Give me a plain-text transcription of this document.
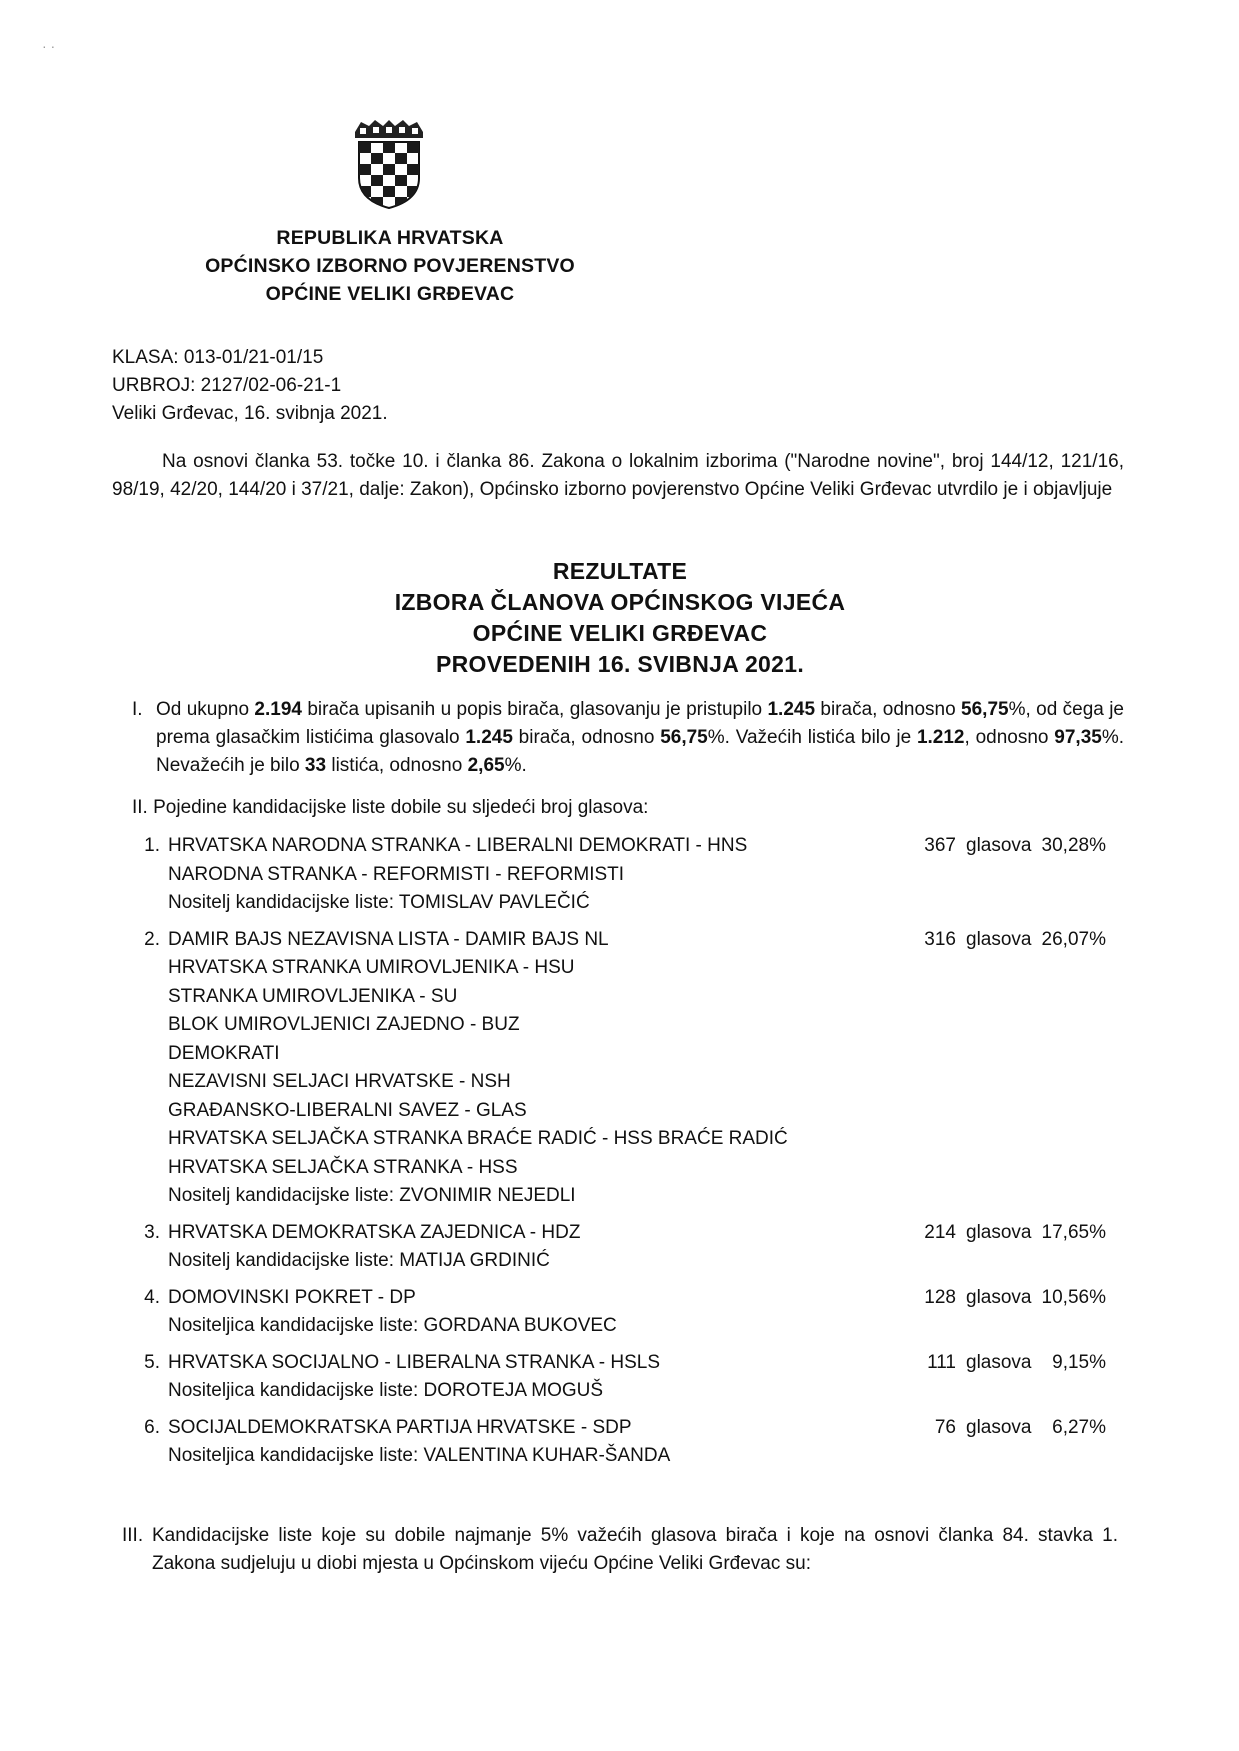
REPUBLIKA HRVATSKA
OPĆINSKO IZBORNO POVJERENSTVO
OPĆINE VELIKI GRĐEVAC
KLASA: 013-01/21-01/15
URBROJ: 2127/02-06-21-1
Veliki Grđevac, 16. svibnja 2021.
Na osnovi članka 53. točke 10. i članka 86. Zakona o lokalnim izborima ("Narodne novine", broj 144/12, 121/16, 98/19, 42/20, 144/20 i 37/21, dalje: Zakon), Općinsko izborno povjerenstvo Općine Veliki Grđevac utvrdilo je i objavljuje
REZULTATE
IZBORA ČLANOVA OPĆINSKOG VIJEĆA
OPĆINE VELIKI GRĐEVAC
PROVEDENIH 16. SVIBNJA 2021.
I. Od ukupno 2.194 birača upisanih u popis birača, glasovanju je pristupilo 1.245 birača, odnosno 56,75%, od čega je prema glasačkim listićima glasovalo 1.245 birača, odnosno 56,75%. Važećih listića bilo je 1.212, odnosno 97,35%. Nevažećih je bilo 33 listića, odnosno 2,65%.
II. Pojedine kandidacijske liste dobile su sljedeći broj glasova:
1. HRVATSKA NARODNA STRANKA - LIBERALNI DEMOKRATI - HNS
NARODNA STRANKA - REFORMISTI - REFORMISTI
Nositelj kandidacijske liste: TOMISLAV PAVLEČIĆ
367 glasova 30,28%
2. DAMIR BAJS NEZAVISNA LISTA - DAMIR BAJS NL
HRVATSKA STRANKA UMIROVLJENIKA - HSU
STRANKA UMIROVLJENIKA - SU
BLOK UMIROVLJENICI ZAJEDNO - BUZ
DEMOKRATI
NEZAVISNI SELJACI HRVATSKE - NSH
GRAĐANSKO-LIBERALNI SAVEZ - GLAS
HRVATSKA SELJAČKA STRANKA BRAĆE RADIĆ - HSS BRAĆE RADIĆ
HRVATSKA SELJAČKA STRANKA - HSS
Nositelj kandidacijske liste: ZVONIMIR NEJEDLI
316 glasova 26,07%
3. HRVATSKA DEMOKRATSKA ZAJEDNICA - HDZ
Nositelj kandidacijske liste: MATIJA GRDINIĆ
214 glasova 17,65%
4. DOMOVINSKI POKRET - DP
Nositeljica kandidacijske liste: GORDANA BUKOVEC
128 glasova 10,56%
5. HRVATSKA SOCIJALNO - LIBERALNA STRANKA - HSLS
Nositeljica kandidacijske liste: DOROTEJA MOGUŠ
111 glasova 9,15%
6. SOCIJALDEMOKRATSKA PARTIJA HRVATSKE - SDP
Nositeljica kandidacijske liste: VALENTINA KUHAR-ŠANDA
76 glasova 6,27%
III. Kandidacijske liste koje su dobile najmanje 5% važećih glasova birača i koje na osnovi članka 84. stavka 1. Zakona sudjeluju u diobi mjesta u Općinskom vijeću Općine Veliki Grđevac su:
· ·
